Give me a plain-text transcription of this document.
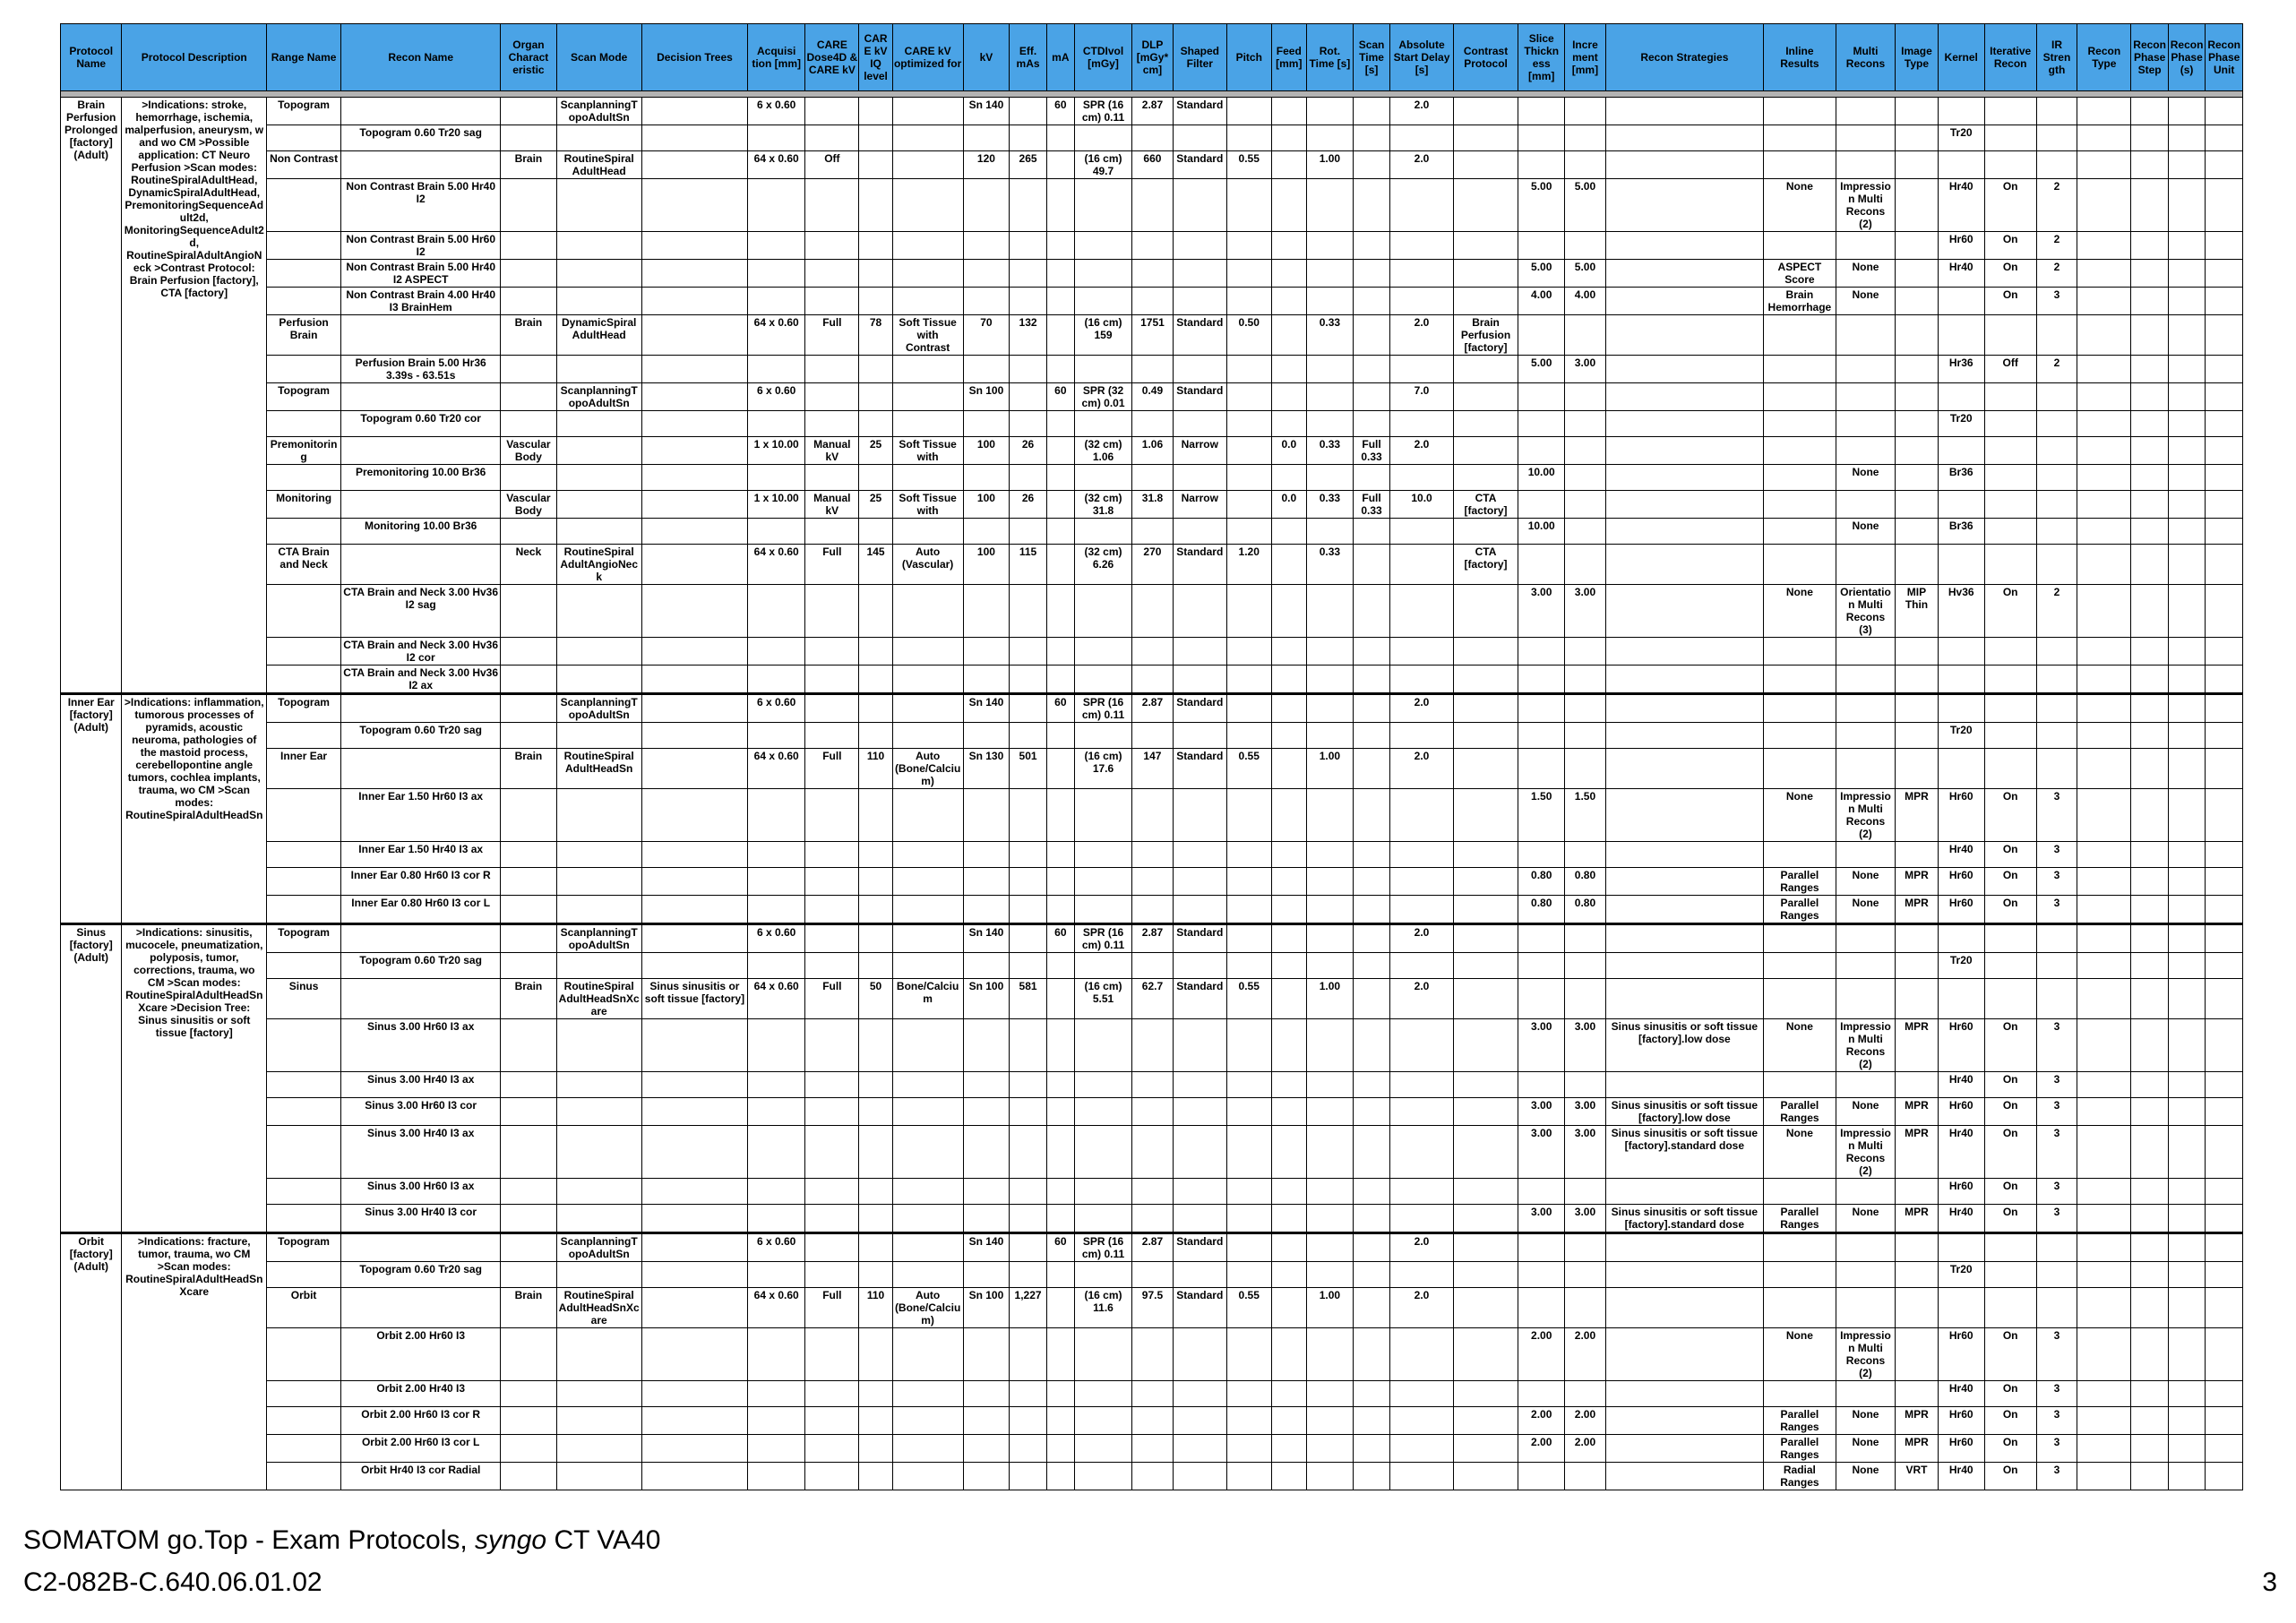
Protocol Name	Protocol Description	Range Name	Recon Name	Organ Charact eristic	Scan Mode	Decision Trees	Acquisi tion [mm]	CARE Dose4D & CARE kV	CAR E kV IQ level	CARE kV optimized for	kV	Eff. mAs	mA	CTDIvol [mGy]	DLP [mGy* cm]	Shaped Filter	Pitch	Feed [mm]	Rot. Time [s]	Scan Time [s]	Absolute Start Delay [s]	Contrast Protocol	Slice Thickn ess [mm]	Incre ment [mm]	Recon Strategies	Inline Results	Multi Recons	Image Type	Kernel	Iterative Recon	IR Stren gth	Recon Type	Recon Phase Step	Recon Phase (s)	Recon Phase Unit

Brain Perfusion Prolonged [factory] (Adult)	>Indications: stroke, hemorrhage, ischemia, malperfusion, aneurysm, w and wo CM >Possible application: CT Neuro Perfusion >Scan modes: RoutineSpiralAdultHead, DynamicSpiralAdultHead, PremonitoringSequenceAdult2d, MonitoringSequenceAdult2d, RoutineSpiralAdultAngioNeck >Contrast Protocol: Brain Perfusion [factory], CTA [factory]	Topogram			ScanplanningTopoAdultSn		6 x 0.60				Sn 140		60	SPR (16 cm) 0.11	2.87	Standard					2.0														
			Topogram 0.60 Tr20 sag																										Tr20						
		Non Contrast		Brain	RoutineSpiral AdultHead		64 x 0.60	Off			120	265		(16 cm) 49.7	660	Standard	0.55		1.00		2.0														
			Non Contrast Brain 5.00 Hr40 I2																				5.00	5.00		None	Impression Multi Recons (2)		Hr40	On	2				
			Non Contrast Brain 5.00 Hr60 I2																										Hr60	On	2				
			Non Contrast Brain 5.00 Hr40 I2 ASPECT																				5.00	5.00		ASPECT Score	None		Hr40	On	2				
			Non Contrast Brain 4.00 Hr40 I3 BrainHem																				4.00	4.00		Brain Hemorrhage	None			On	3				
		Perfusion Brain		Brain	DynamicSpiral AdultHead		64 x 0.60	Full	78	Soft Tissue with Contrast	70	132		(16 cm) 159	1751	Standard	0.50		0.33		2.0	Brain Perfusion [factory]													
			Perfusion Brain 5.00 Hr36 3.39s - 63.51s																				5.00	3.00					Hr36	Off	2				
		Topogram			ScanplanningTopoAdultSn		6 x 0.60				Sn 100		60	SPR (32 cm) 0.01	0.49	Standard					7.0														
			Topogram 0.60 Tr20 cor																										Tr20						
		Premonitoring		Vascular Body			1 x 10.00	Manual kV	25	Soft Tissue with	100	26		(32 cm) 1.06	1.06	Narrow		0.0	0.33	Full 0.33	2.0														
			Premonitoring 10.00 Br36																				10.00				None		Br36						
		Monitoring		Vascular Body			1 x 10.00	Manual kV	25	Soft Tissue with	100	26		(32 cm) 31.8	31.8	Narrow		0.0	0.33	Full 0.33	10.0	CTA [factory]													
			Monitoring 10.00 Br36																				10.00				None		Br36						
		CTA Brain and Neck		Neck	RoutineSpiral AdultAngioNeck		64 x 0.60	Full	145	Auto (Vascular)	100	115		(32 cm) 6.26	270	Standard	1.20		0.33			CTA [factory]													
			CTA Brain and Neck 3.00 Hv36 I2 sag																				3.00	3.00		None	Orientation Multi Recons (3)	MIP Thin	Hv36	On	2				
			CTA Brain and Neck 3.00 Hv36 I2 cor																																
			CTA Brain and Neck 3.00 Hv36 I2 ax																																
Inner Ear [factory] (Adult)	>Indications: inflammation, tumorous processes of pyramids, acoustic neuroma, pathologies of the mastoid process, cerebellopontine angle tumors, cochlea implants, trauma, wo CM >Scan modes: RoutineSpiralAdultHeadSn	Topogram			ScanplanningTopoAdultSn		6 x 0.60				Sn 140		60	SPR (16 cm) 0.11	2.87	Standard					2.0														
			Topogram 0.60 Tr20 sag																										Tr20						
		Inner Ear		Brain	RoutineSpiral AdultHeadSn		64 x 0.60	Full	110	Auto (Bone/Calcium)	Sn 130	501		(16 cm) 17.6	147	Standard	0.55		1.00		2.0														
			Inner Ear 1.50 Hr60 I3 ax																				1.50	1.50		None	Impression Multi Recons (2)	MPR	Hr60	On	3				
			Inner Ear 1.50 Hr40 I3 ax																										Hr40	On	3				
			Inner Ear 0.80 Hr60 I3 cor R																				0.80	0.80		Parallel Ranges	None	MPR	Hr60	On	3				
			Inner Ear 0.80 Hr60 I3 cor L																				0.80	0.80		Parallel Ranges	None	MPR	Hr60	On	3				
Sinus [factory] (Adult)	>Indications: sinusitis, mucocele, pneumatization, polyposis, tumor, corrections, trauma, wo CM >Scan modes: RoutineSpiralAdultHeadSnXcare >Decision Tree: Sinus sinusitis or soft tissue [factory]	Topogram			ScanplanningTopoAdultSn		6 x 0.60				Sn 140		60	SPR (16 cm) 0.11	2.87	Standard					2.0														
			Topogram 0.60 Tr20 sag																										Tr20						
		Sinus		Brain	RoutineSpiral AdultHeadSnXcare	Sinus sinusitis or soft tissue [factory]	64 x 0.60	Full	50	Bone/Calcium	Sn 100	581		(16 cm) 5.51	62.7	Standard	0.55		1.00		2.0														
			Sinus 3.00 Hr60 I3 ax																				3.00	3.00	Sinus sinusitis or soft tissue [factory].low dose	None	Impression Multi Recons (2)	MPR	Hr60	On	3				
			Sinus 3.00 Hr40 I3 ax																										Hr40	On	3				
			Sinus 3.00 Hr60 I3 cor																				3.00	3.00	Sinus sinusitis or soft tissue [factory].low dose	Parallel Ranges	None	MPR	Hr60	On	3				
			Sinus 3.00 Hr40 I3 ax																				3.00	3.00	Sinus sinusitis or soft tissue [factory].standard dose	None	Impression Multi Recons (2)	MPR	Hr40	On	3				
			Sinus 3.00 Hr60 I3 ax																										Hr60	On	3				
			Sinus 3.00 Hr40 I3 cor																				3.00	3.00	Sinus sinusitis or soft tissue [factory].standard dose	Parallel Ranges	None	MPR	Hr40	On	3				
Orbit [factory] (Adult)	>Indications: fracture, tumor, trauma, wo CM >Scan modes: RoutineSpiralAdultHeadSnXcare	Topogram			ScanplanningTopoAdultSn		6 x 0.60				Sn 140		60	SPR (16 cm) 0.11	2.87	Standard					2.0														
			Topogram 0.60 Tr20 sag																										Tr20						
		Orbit		Brain	RoutineSpiral AdultHeadSnXcare		64 x 0.60	Full	110	Auto (Bone/Calcium)	Sn 100	1,227		(16 cm) 11.6	97.5	Standard	0.55		1.00		2.0														
			Orbit 2.00 Hr60 I3																				2.00	2.00		None	Impression Multi Recons (2)		Hr60	On	3				
			Orbit 2.00 Hr40 I3																										Hr40	On	3				
			Orbit 2.00 Hr60 I3 cor R																				2.00	2.00		Parallel Ranges	None	MPR	Hr60	On	3				
			Orbit 2.00 Hr60 I3 cor L																				2.00	2.00		Parallel Ranges	None	MPR	Hr60	On	3				
			Orbit Hr40 I3 cor Radial																							Radial Ranges	None	VRT	Hr40	On	3				
SOMATOM go.Top - Exam Protocols, syngo CT VA40
C2-082B-C.640.06.01.02	3
